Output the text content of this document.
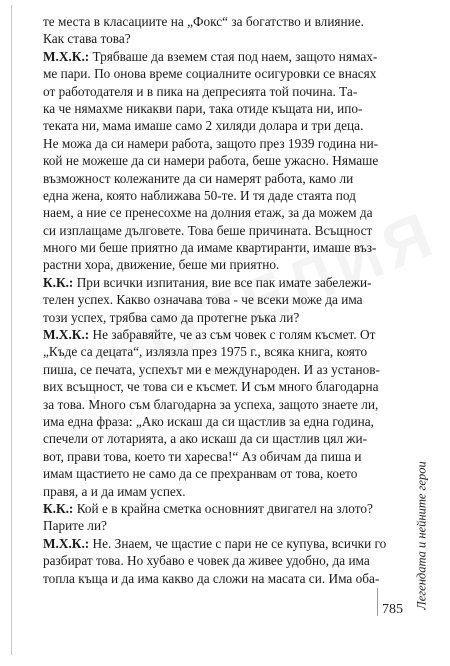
те места в класациите на „Фокс“ за богатство и влияние.
Как става това?
М.Х.К.: Трябваше да вземем стая под наем, защото нямах-
ме пари. По онова време социалните осигуровки се внасях
от работодателя и в пика на депресията той почина. Та-
ка че нямахме никакви пари, така отиде къщата ни, ипо-
теката ни, мама имаше само 2 хиляди долара и три деца.
Не можа да си намери работа, защото през 1939 година ни-
кой не можеше да си намери работа, беше ужасно. Нямаше
възможност колежаните да си намерят работа, камо ли
една жена, която наближава 50-те. И тя даде стаята под
наем, а ние се пренесохме на долния етаж, за да можем да
си изплащаме дълговете. Това беше причината. Всъщност
много ми беше приятно да имаме квартиранти, имаше въз-
растни хора, движение, беше ми приятно.
К.К.: При всички изпитания, вие все пак имате забележи-
телен успех. Какво означава това - че всеки може да има
този успех, трябва само да протегне ръка ли?
М.Х.К.: Не забравяйте, че аз съм човек с голям късмет. От
„Къде са децата“, излязла през 1975 г., всяка книга, която
пиша, се печата, успехът ми е международен. И аз установ-
вих всъщност, че това си е късмет. И съм много благодарна
за това. Много съм благодарна за успеха, защото знаете ли,
има една фраза: „Ако искаш да си щастлив за една година,
спечели от лотарията, а ако искаш да си щастлив цял жи-
вот, прави това, което ти харесва!“ Аз обичам да пиша и
имам щастието не само да се прехранвам от това, което
правя, а и да имам успех.
К.К.: Кой е в крайна сметка основният двигател на злото?
Парите ли?
М.Х.К.: Не. Знаем, че щастие с пари не се купува, всички го
разбират това. Но хубаво е човек да живее удобно, да има
топла къща и да има какво да сложи на масата си. Има оба-	Легендата и нейните герои
785
